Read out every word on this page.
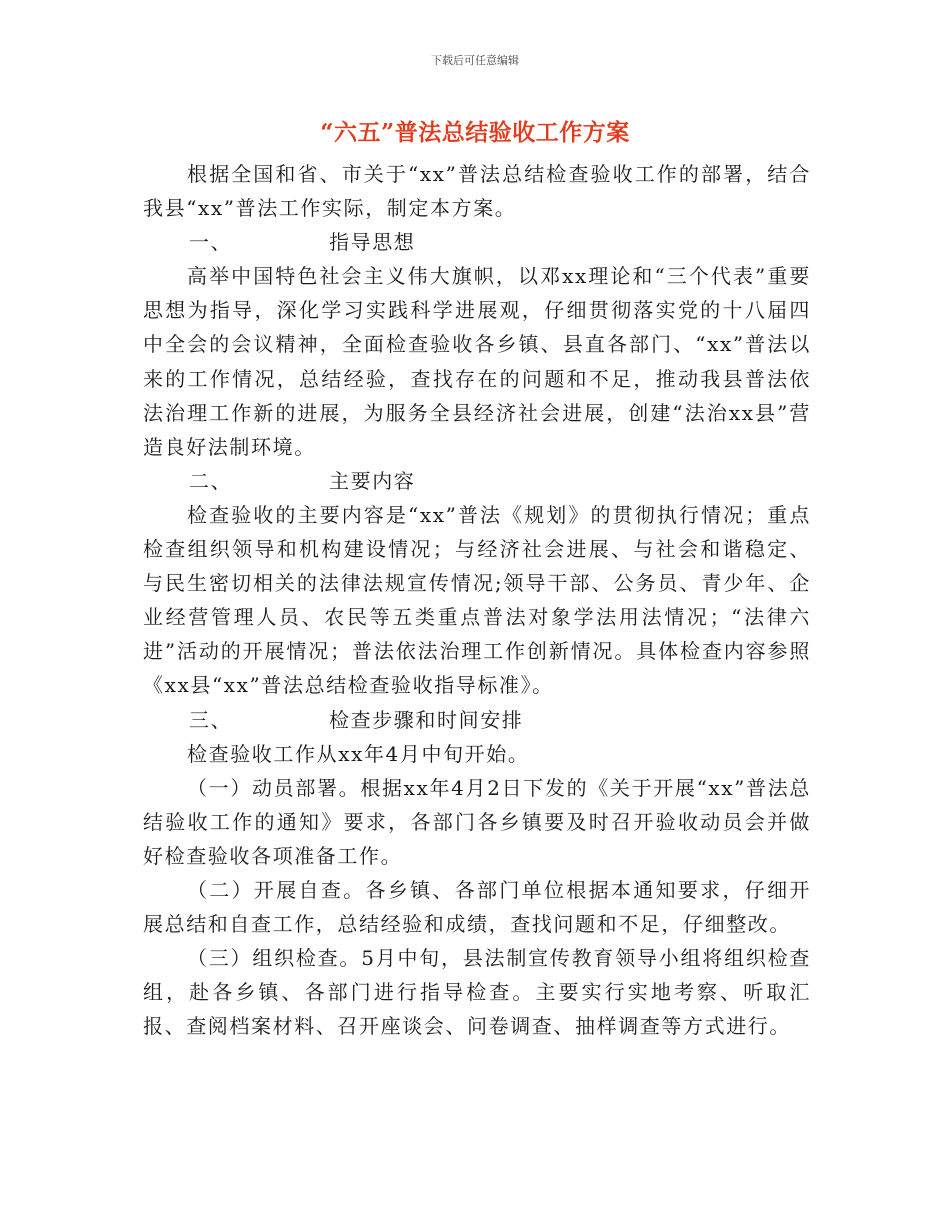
下载后可任意编辑
“六五”普法总结验收工作方案

根据全国和省、市关于“xx”普法总结检查验收工作的部署，结合我县“xx”普法工作实际，制定本方案。

一、	指导思想

高举中国特色社会主义伟大旗帜，以邓xx理论和“三个代表”重要思想为指导，深化学习实践科学进展观，仔细贯彻落实党的十八届四中全会的会议精神，全面检查验收各乡镇、县直各部门、“xx”普法以来的工作情况，总结经验，查找存在的问题和不足，推动我县普法依法治理工作新的进展，为服务全县经济社会进展，创建“法治xx县”营造良好法制环境。

二、	主要内容

检查验收的主要内容是“xx”普法《规划》的贯彻执行情况；重点检查组织领导和机构建设情况；与经济社会进展、与社会和谐稳定、与民生密切相关的法律法规宣传情况;领导干部、公务员、青少年、企业经营管理人员、农民等五类重点普法对象学法用法情况；“法律六进”活动的开展情况；普法依法治理工作创新情况。具体检查内容参照《xx县“xx”普法总结检查验收指导标准》。

三、	检查步骤和时间安排

检查验收工作从xx年4月中旬开始。

（一）动员部署。根据xx年4月2日下发的《关于开展“xx”普法总结验收工作的通知》要求，各部门各乡镇要及时召开验收动员会并做好检查验收各项准备工作。

（二）开展自查。各乡镇、各部门单位根据本通知要求，仔细开展总结和自查工作，总结经验和成绩，查找问题和不足，仔细整改。

（三）组织检查。5月中旬，县法制宣传教育领导小组将组织检查组，赴各乡镇、各部门进行指导检查。主要实行实地考察、听取汇报、查阅档案材料、召开座谈会、问卷调查、抽样调查等方式进行。
